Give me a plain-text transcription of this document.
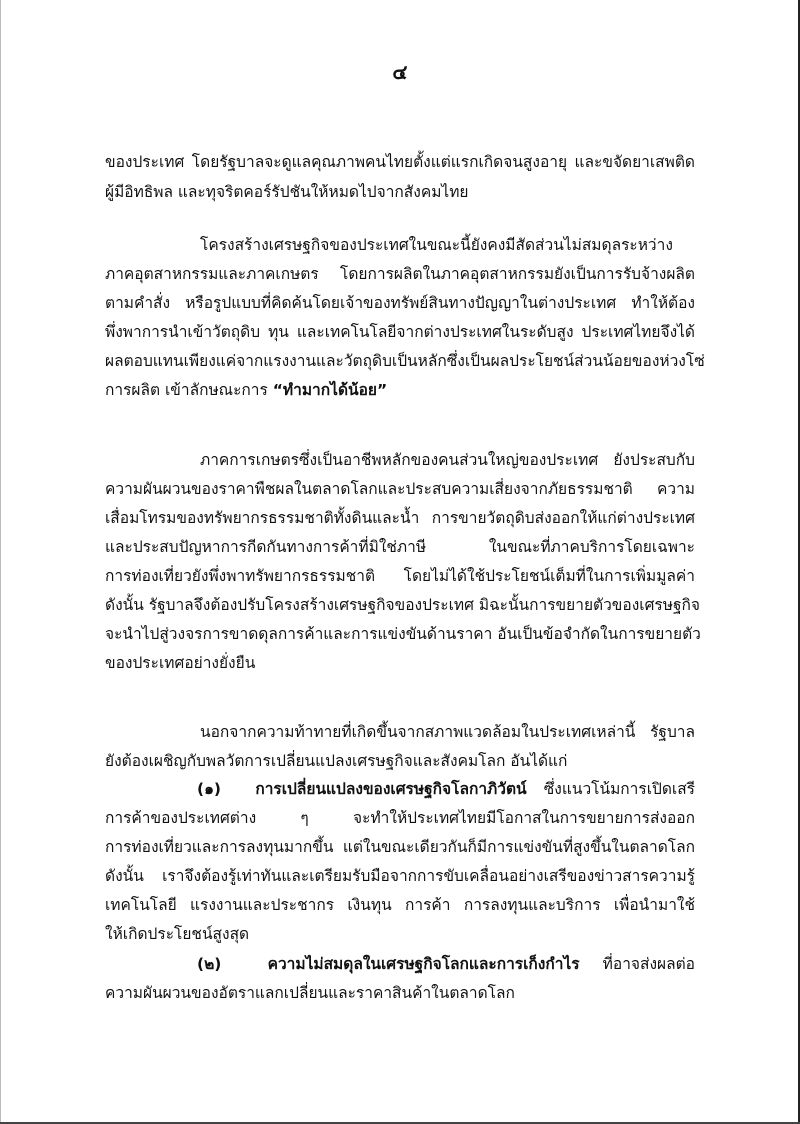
๔
ของประเทศ โดยรัฐบาลจะดูแลคุณภาพคนไทยตั้งแต่แรกเกิดจนสูงอายุ และขจัดยาเสพติด
ผู้มีอิทธิพล และทุจริตคอร์รัปชันให้หมดไปจากสังคมไทย
โครงสร้างเศรษฐกิจของประเทศในขณะนี้ยังคงมีสัดส่วนไม่สมดุลระหว่าง
ภาคอุตสาหกรรมและภาคเกษตร โดยการผลิตในภาคอุตสาหกรรมยังเป็นการรับจ้างผลิต
ตามคำสั่ง หรือรูปแบบที่คิดค้นโดยเจ้าของทรัพย์สินทางปัญญาในต่างประเทศ ทำให้ต้อง
พึ่งพาการนำเข้าวัตถุดิบ ทุน และเทคโนโลยีจากต่างประเทศในระดับสูง ประเทศไทยจึงได้
ผลตอบแทนเพียงแค่จากแรงงานและวัตถุดิบเป็นหลักซึ่งเป็นผลประโยชน์ส่วนน้อยของห่วงโซ่
การผลิต เข้าลักษณะการ “ทำมากได้น้อย”
ภาคการเกษตรซึ่งเป็นอาชีพหลักของคนส่วนใหญ่ของประเทศ ยังประสบกับ
ความผันผวนของราคาพืชผลในตลาดโลกและประสบความเสี่ยงจากภัยธรรมชาติ ความ
เสื่อมโทรมของทรัพยากรธรรมชาติทั้งดินและน้ำ การขายวัตถุดิบส่งออกให้แก่ต่างประเทศ
และประสบปัญหาการกีดกันทางการค้าที่มิใช่ภาษี ในขณะที่ภาคบริการโดยเฉพาะ
การท่องเที่ยวยังพึ่งพาทรัพยากรธรรมชาติ โดยไม่ได้ใช้ประโยชน์เต็มที่ในการเพิ่มมูลค่า
ดังนั้น รัฐบาลจึงต้องปรับโครงสร้างเศรษฐกิจของประเทศ มิฉะนั้นการขยายตัวของเศรษฐกิจ
จะนำไปสู่วงจรการขาดดุลการค้าและการแข่งขันด้านราคา อันเป็นข้อจำกัดในการขยายตัว
ของประเทศอย่างยั่งยืน
นอกจากความท้าทายที่เกิดขึ้นจากสภาพแวดล้อมในประเทศเหล่านี้ รัฐบาล
ยังต้องเผชิญกับพลวัตการเปลี่ยนแปลงเศรษฐกิจและสังคมโลก อันได้แก่
(๑) การเปลี่ยนแปลงของเศรษฐกิจโลกาภิวัตน์ ซึ่งแนวโน้มการเปิดเสรี
การค้าของประเทศต่าง ๆ จะทำให้ประเทศไทยมีโอกาสในการขยายการส่งออก
การท่องเที่ยวและการลงทุนมากขึ้น แต่ในขณะเดียวกันก็มีการแข่งขันที่สูงขึ้นในตลาดโลก
ดังนั้น เราจึงต้องรู้เท่าทันและเตรียมรับมือจากการขับเคลื่อนอย่างเสรีของข่าวสารความรู้
เทคโนโลยี แรงงานและประชากร เงินทุน การค้า การลงทุนและบริการ เพื่อนำมาใช้
ให้เกิดประโยชน์สูงสุด
(๒)	ความไม่สมดุลในเศรษฐกิจโลกและการเก็งกำไร ที่อาจส่งผลต่อ
ความผันผวนของอัตราแลกเปลี่ยนและราคาสินค้าในตลาดโลก
